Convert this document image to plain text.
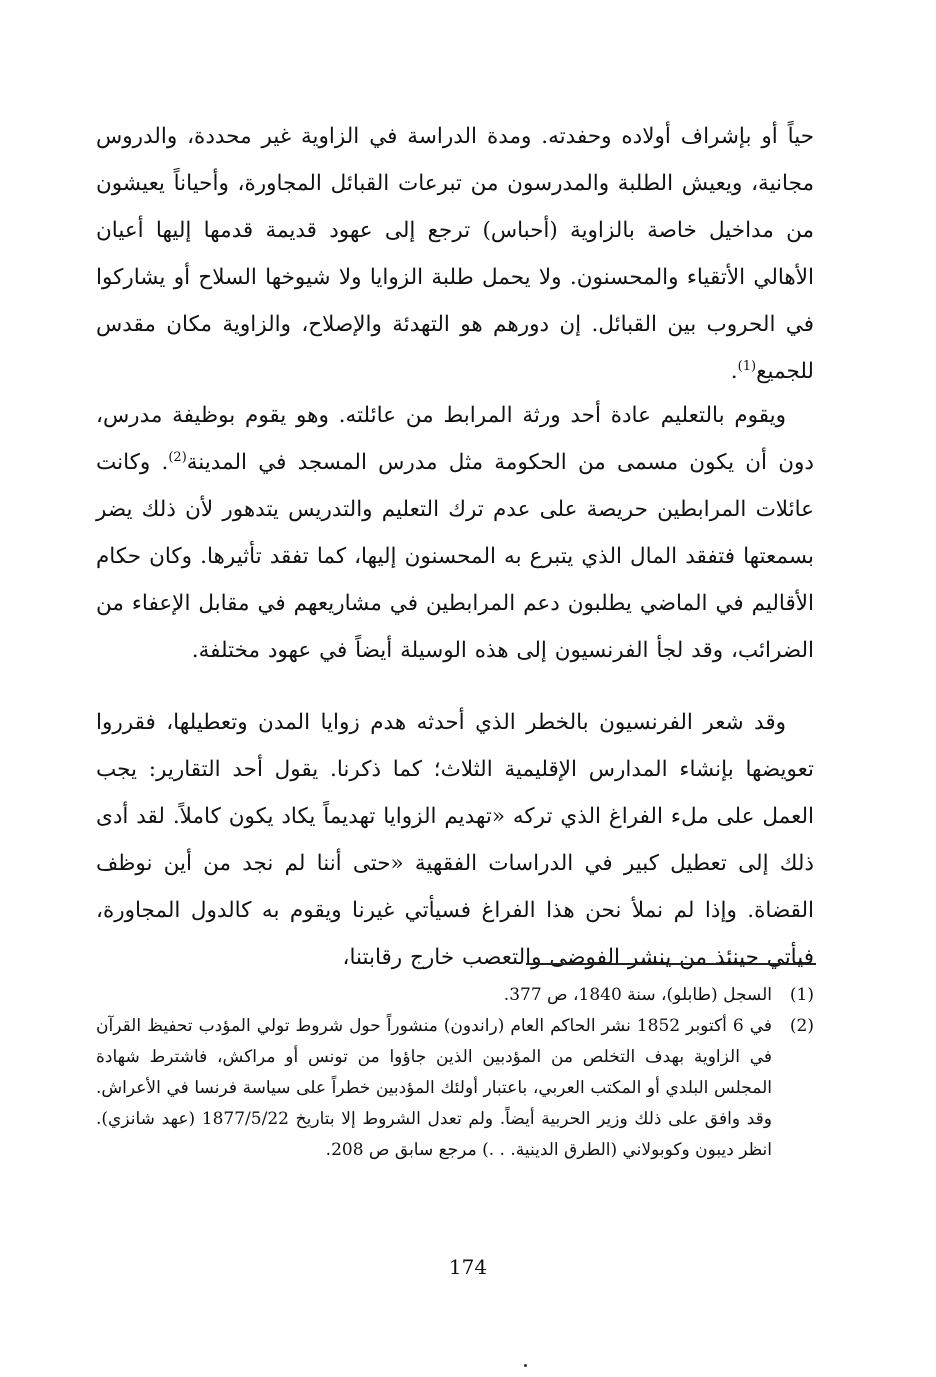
حياً أو بإشراف أولاده وحفدته. ومدة الدراسة في الزاوية غير محددة، والدروس مجانية، ويعيش الطلبة والمدرسون من تبرعات القبائل المجاورة، وأحياناً يعيشون من مداخيل خاصة بالزاوية (أحباس) ترجع إلى عهود قديمة قدمها إليها أعيان الأهالي الأتقياء والمحسنون. ولا يحمل طلبة الزوايا ولا شيوخها السلاح أو يشاركوا في الحروب بين القبائل. إن دورهم هو التهدئة والإصلاح، والزاوية مكان مقدس للجميع$^{(1)}$.

ويقوم بالتعليم عادة أحد ورثة المرابط من عائلته. وهو يقوم بوظيفة مدرس، دون أن يكون مسمى من الحكومة مثل مدرس المسجد في المدينة$^{(2)}$. وكانت عائلات المرابطين حريصة على عدم ترك التعليم والتدريس يتدهور لأن ذلك يضر بسمعتها فتفقد المال الذي يتبرع به المحسنون إليها، كما تفقد تأثيرها. وكان حكام الأقاليم في الماضي يطلبون دعم المرابطين في مشاريعهم في مقابل الإعفاء من الضرائب، وقد لجأ الفرنسيون إلى هذه الوسيلة أيضاً في عهود مختلفة.

وقد شعر الفرنسيون بالخطر الذي أحدثه هدم زوايا المدن وتعطيلها، فقرروا تعويضها بإنشاء المدارس الإقليمية الثلاث؛ كما ذكرنا. يقول أحد التقارير: يجب العمل على ملء الفراغ الذي تركه «تهديم الزوايا تهديماً يكاد يكون كاملاً. لقد أدى ذلك إلى تعطيل كبير في الدراسات الفقهية «حتى أننا لم نجد من أين نوظف القضاة. وإذا لم نملأ نحن هذا الفراغ فسيأتي غيرنا ويقوم به كالدول المجاورة، فيأتي حينئذ من ينشر الفوضى والتعصب خارج رقابتنا،

(1)
السجل (طابلو)، سنة 1840، ص 377.
(2)
في 6 أكتوبر 1852 نشر الحاكم العام (راندون) منشوراً حول شروط تولي المؤدب تحفيظ القرآن في الزاوية بهدف التخلص من المؤدبين الذين جاؤوا من تونس أو مراكش، فاشترط شهادة المجلس البلدي أو المكتب العربي، باعتبار أولئك المؤدبين خطراً على سياسة فرنسا في الأعراش. وقد وافق على ذلك وزير الحربية أيضاً. ولم تعدل الشروط إلا بتاريخ 1877/5/22 (عهد شانزي). انظر ديبون وكوبولاني (الطرق الدينية. . .) مرجع سابق ص 208.
174
